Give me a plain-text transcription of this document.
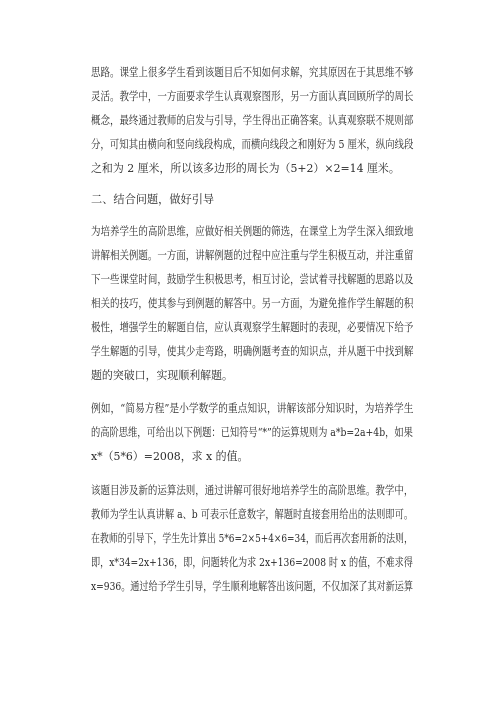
思路。课堂上很多学生看到该题目后不知如何求解，究其原因在于其思维不够
灵活。教学中，一方面要求学生认真观察图形，另一方面认真回顾所学的周长
概念，最终通过教师的启发与引导，学生得出正确答案。认真观察联不规则部
分，可知其由横向和竖向线段构成，而横向线段之和刚好为 5 厘米，纵向线段
之和为 2 厘米，所以该多边形的周长为（5+2）×2=14 厘米。
二、结合问题，做好引导
为培养学生的高阶思维，应做好相关例题的筛选，在课堂上为学生深入细致地
讲解相关例题。一方面，讲解例题的过程中应注重与学生积极互动，并注重留
下一些课堂时间，鼓励学生积极思考，相互讨论，尝试着寻找解题的思路以及
相关的技巧，使其参与到例题的解答中。另一方面，为避免推作学生解题的积
极性，增强学生的解题自信，应认真观察学生解题时的表现，必要情况下给予
学生解题的引导，使其少走弯路，明确例题考查的知识点，并从题干中找到解
题的突破口，实现顺利解题。
例如，“简易方程”是小学数学的重点知识，讲解该部分知识时，为培养学生
的高阶思维，可给出以下例题：已知符号“*”的运算规则为 a*b=2a+4b，如果
x*（5*6）=2008，求 x 的值。
该题目涉及新的运算法则，通过讲解可很好地培养学生的高阶思维。教学中，
教师为学生认真讲解 a、b 可表示任意数字，解题时直接套用给出的法则即可。
在教师的引导下，学生先计算出 5*6=2×5+4×6=34，而后再次套用新的法则，
即，x*34=2x+136，即，问题转化为求 2x+136=2008 时 x 的值，不难求得
x=936。通过给予学生引导，学生顺利地解答出该问题，不仅加深了其对新运算
